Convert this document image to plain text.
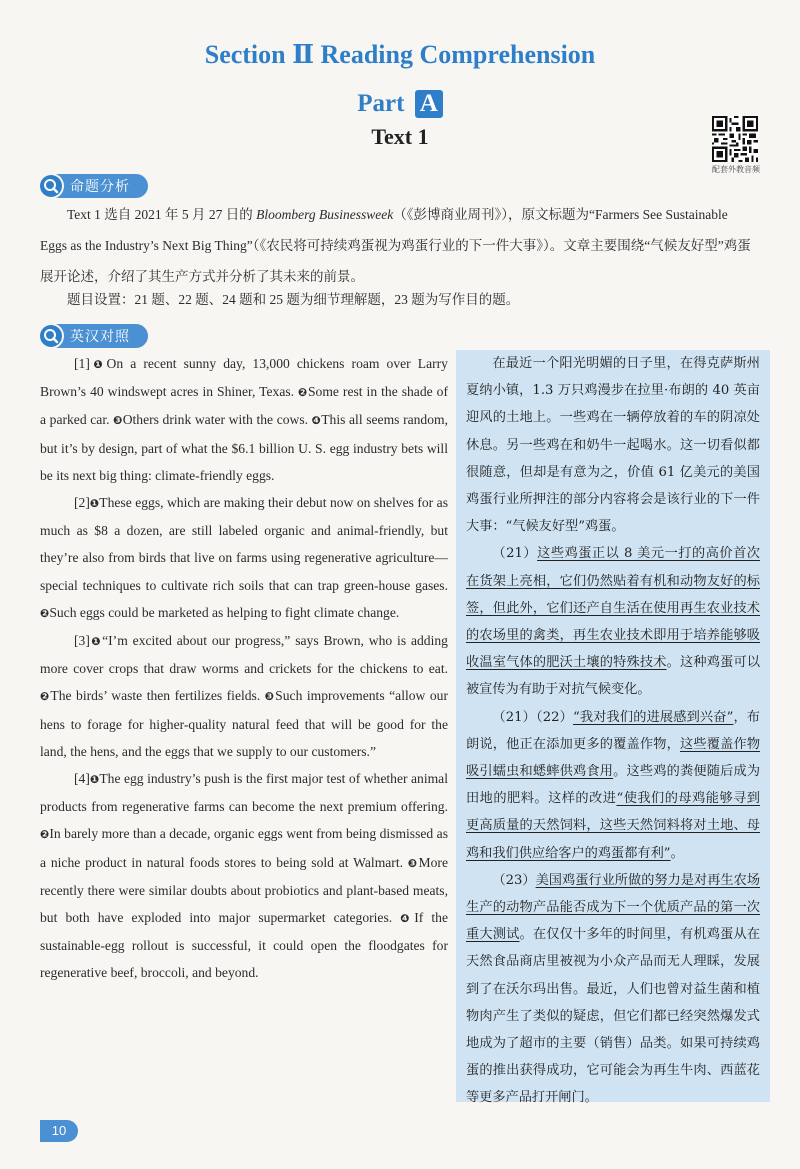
Section Ⅱ Reading Comprehension
Part A
Text 1
配套外教音频
命题分析

Text 1 选自 2021 年 5 月 27 日的 Bloomberg Businessweek（《彭博商业周刊》），原文标题为“Farmers See Sustainable Eggs as the Industry’s Next Big Thing”（《农民将可持续鸡蛋视为鸡蛋行业的下一件大事》）。文章主要围绕“气候友好型”鸡蛋展开论述，介绍了其生产方式并分析了其未来的前景。

题目设置：21 题、22 题、24 题和 25 题为细节理解题，23 题为写作目的题。

英汉对照

[1]❶On a recent sunny day, 13,000 chickens roam over Larry Brown’s 40 windswept acres in Shiner, Texas. ❷Some rest in the shade of a parked car. ❸Others drink water with the cows. ❹This all seems random, but it’s by design, part of what the $6.1 billion U. S. egg industry bets will be its next big thing: climate-friendly eggs.

[2]❶These eggs, which are making their debut now on shelves for as much as $8 a dozen, are still labeled organic and animal-friendly, but they’re also from birds that live on farms using regenerative agriculture—special techniques to cultivate rich soils that can trap green-house gases. ❷Such eggs could be marketed as helping to fight climate change.

[3]❶“I’m excited about our progress,” says Brown, who is adding more cover crops that draw worms and crickets for the chickens to eat. ❷The birds’ waste then fertilizes fields. ❸Such improvements “allow our hens to forage for higher-quality natural feed that will be good for the land, the hens, and the eggs that we supply to our customers.”

[4]❶The egg industry’s push is the first major test of whether animal products from regenerative farms can become the next premium offering. ❷In barely more than a decade, organic eggs went from being dismissed as a niche product in natural foods stores to being sold at Walmart. ❸More recently there were similar doubts about probiotics and plant-based meats, but both have exploded into major supermarket categories. ❹If the sustainable-egg rollout is successful, it could open the floodgates for regenerative beef, broccoli, and beyond.

在最近一个阳光明媚的日子里，在得克萨斯州夏纳小镇，1.3 万只鸡漫步在拉里·布朗的 40 英亩迎风的土地上。一些鸡在一辆停放着的车的阴凉处休息。另一些鸡在和奶牛一起喝水。这一切看似都很随意，但却是有意为之，价值 61 亿美元的美国鸡蛋行业所押注的部分内容将会是该行业的下一件大事：“气候友好型”鸡蛋。

（21）这些鸡蛋正以 8 美元一打的高价首次在货架上亮相，它们仍然贴着有机和动物友好的标签，但此外，它们还产自生活在使用再生农业技术的农场里的禽类，再生农业技术即用于培养能够吸收温室气体的肥沃土壤的特殊技术。这种鸡蛋可以被宣传为有助于对抗气候变化。

（21）（22）“我对我们的进展感到兴奋”，布朗说，他正在添加更多的覆盖作物，这些覆盖作物吸引蠕虫和蟋蟀供鸡食用。这些鸡的粪便随后成为田地的肥料。这样的改进“使我们的母鸡能够寻到更高质量的天然饲料，这些天然饲料将对土地、母鸡和我们供应给客户的鸡蛋都有利”。

（23）美国鸡蛋行业所做的努力是对再生农场生产的动物产品能否成为下一个优质产品的第一次重大测试。在仅仅十多年的时间里，有机鸡蛋从在天然食品商店里被视为小众产品而无人理睬，发展到了在沃尔玛出售。最近，人们也曾对益生菌和植物肉产生了类似的疑虑，但它们都已经突然爆发式地成为了超市的主要（销售）品类。如果可持续鸡蛋的推出获得成功，它可能会为再生牛肉、西蓝花等更多产品打开闸门。

10
